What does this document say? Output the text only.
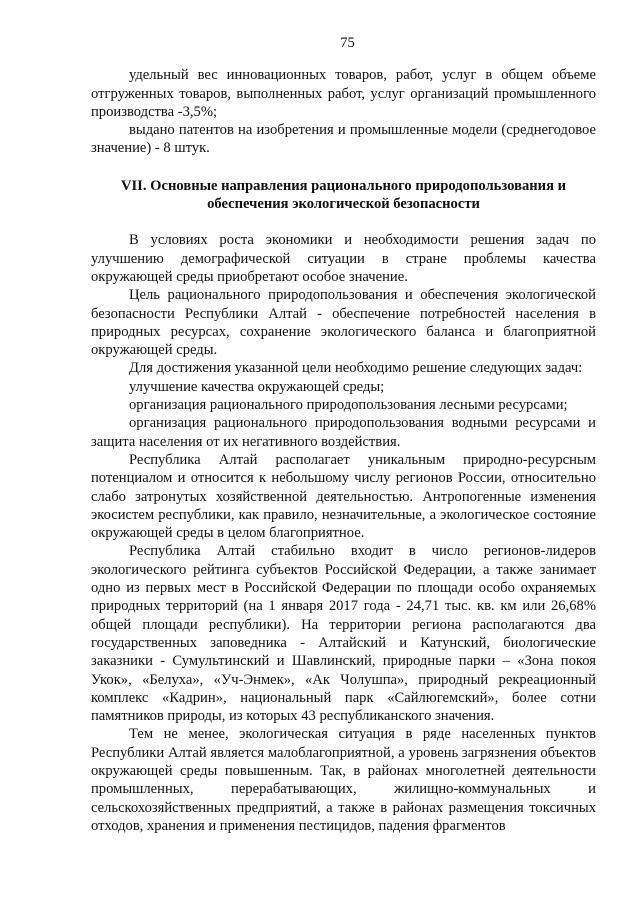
75

удельный вес инновационных товаров, работ, услуг в общем объеме отгруженных товаров, выполненных работ, услуг организаций промышленного производства -3,5%;

выдано патентов на изобретения и промышленные модели (среднегодовое значение) - 8 штук.

VII. Основные направления рационального природопользования и обеспечения экологической безопасности

В условиях роста экономики и необходимости решения задач по улучшению демографической ситуации в стране проблемы качества окружающей среды приобретают особое значение.

Цель рационального природопользования и обеспечения экологической безопасности Республики Алтай - обеспечение потребностей населения в природных ресурсах, сохранение экологического баланса и благоприятной окружающей среды.

Для достижения указанной цели необходимо решение следующих задач:

улучшение качества окружающей среды;

организация рационального природопользования лесными ресурсами;

организация рационального природопользования водными ресурсами и защита населения от их негативного воздействия.

Республика Алтай располагает уникальным природно-ресурсным потенциалом и относится к небольшому числу регионов России, относительно слабо затронутых хозяйственной деятельностью. Антропогенные изменения экосистем республики, как правило, незначительные, а экологическое состояние окружающей среды в целом благоприятное.

Республика Алтай стабильно входит в число регионов-лидеров экологического рейтинга субъектов Российской Федерации, а также занимает одно из первых мест в Российской Федерации по площади особо охраняемых природных территорий (на 1 января 2017 года - 24,71 тыс. кв. км или 26,68% общей площади республики). На территории региона располагаются два государственных заповедника - Алтайский и Катунский, биологические заказники - Сумультинский и Шавлинский, природные парки – «Зона покоя Укок», «Белуха», «Уч-Энмек», «Ак Чолушпа», природный рекреационный комплекс «Кадрин», национальный парк «Сайлюгемский», более сотни памятников природы, из которых 43 республиканского значения.

Тем не менее, экологическая ситуация в ряде населенных пунктов Республики Алтай является малоблагоприятной, а уровень загрязнения объектов окружающей среды повышенным. Так, в районах многолетней деятельности промышленных, перерабатывающих, жилищно-коммунальных и сельскохозяйственных предприятий, а также в районах размещения токсичных отходов, хранения и применения пестицидов, падения фрагментов
